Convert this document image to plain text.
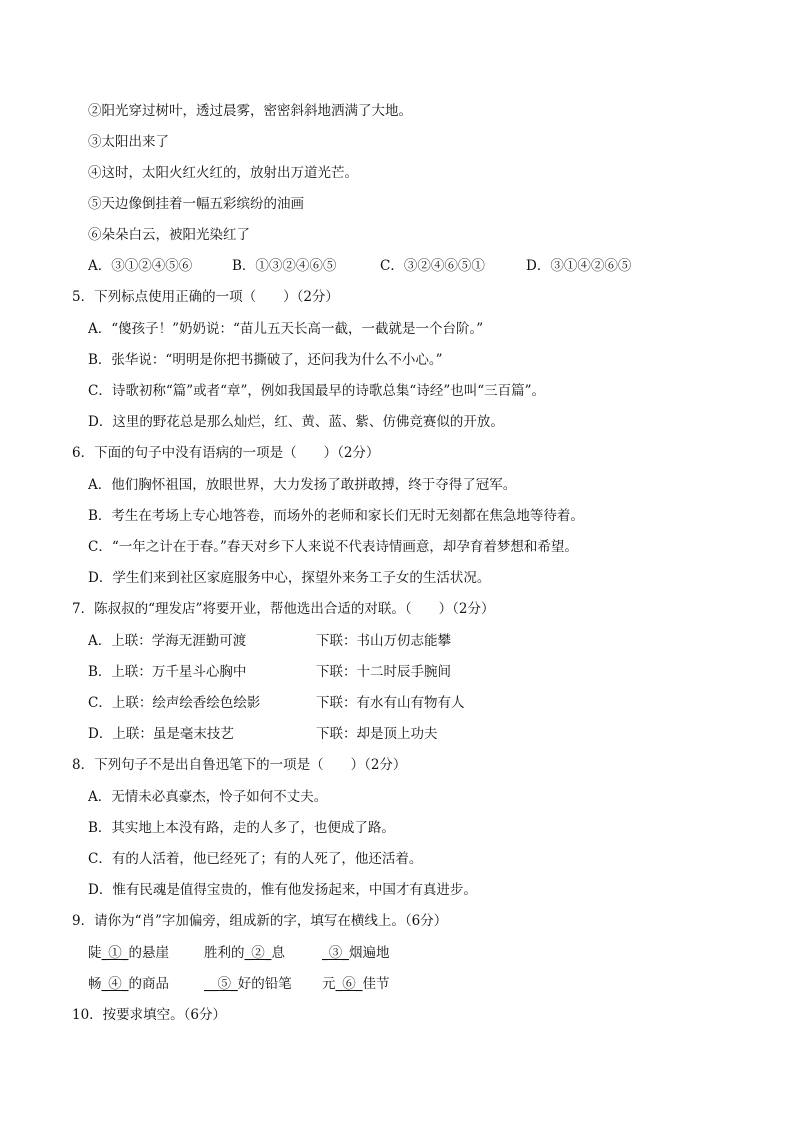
②阳光穿过树叶，透过晨雾，密密斜斜地洒满了大地。
③太阳出来了
④这时，太阳火红火红的，放射出万道光芒。
⑤天边像倒挂着一幅五彩缤纷的油画
⑥朵朵白云，被阳光染红了
A．③①②④⑤⑥	B．①③②④⑥⑤	C．③②④⑥⑤①	D．③①④②⑥⑤
5．下列标点使用正确的一项（　　）（2分）
A．“傻孩子！”奶奶说：“苗儿五天长高一截，一截就是一个台阶。”
B．张华说：“明明是你把书撕破了，还问我为什么不小心。”
C．诗歌初称“篇”或者“章”，例如我国最早的诗歌总集“诗经”也叫“三百篇”。
D．这里的野花总是那么灿烂，红、黄、蓝、紫、仿佛竞赛似的开放。
6．下面的句子中没有语病的一项是（　　）（2分）
A．他们胸怀祖国，放眼世界，大力发扬了敢拼敢搏，终于夺得了冠军。
B．考生在考场上专心地答卷，而场外的老师和家长们无时无刻都在焦急地等待着。
C．“一年之计在于春。”春天对乡下人来说不代表诗情画意，却孕育着梦想和希望。
D．学生们来到社区家庭服务中心，探望外来务工子女的生活状况。
7．陈叔叔的“理发店”将要开业，帮他选出合适的对联。（　　）（2分）
A．上联：学海无涯勤可渡	下联：书山万仞志能攀
B．上联：万千星斗心胸中	下联：十二时辰手腕间
C．上联：绘声绘香绘色绘影	下联：有水有山有物有人
D．上联：虽是毫末技艺	下联：却是顶上功夫
8．下列句子不是出自鲁迅笔下的一项是（　　）（2分）
A．无情未必真豪杰，怜子如何不丈夫。
B．其实地上本没有路，走的人多了，也便成了路。
C．有的人活着，他已经死了；有的人死了，他还活着。
D．惟有民魂是值得宝贵的，惟有他发扬起来，中国才有真进步。
9．请你为“肖”字加偏旁，组成新的字，填写在横线上。（6分）
陡_①_的悬崖	胜利的_②_息	_③_烟遍地
畅_④_的商品	__⑤_好的铅笔 元_⑥_佳节
10．按要求填空。（6分）
